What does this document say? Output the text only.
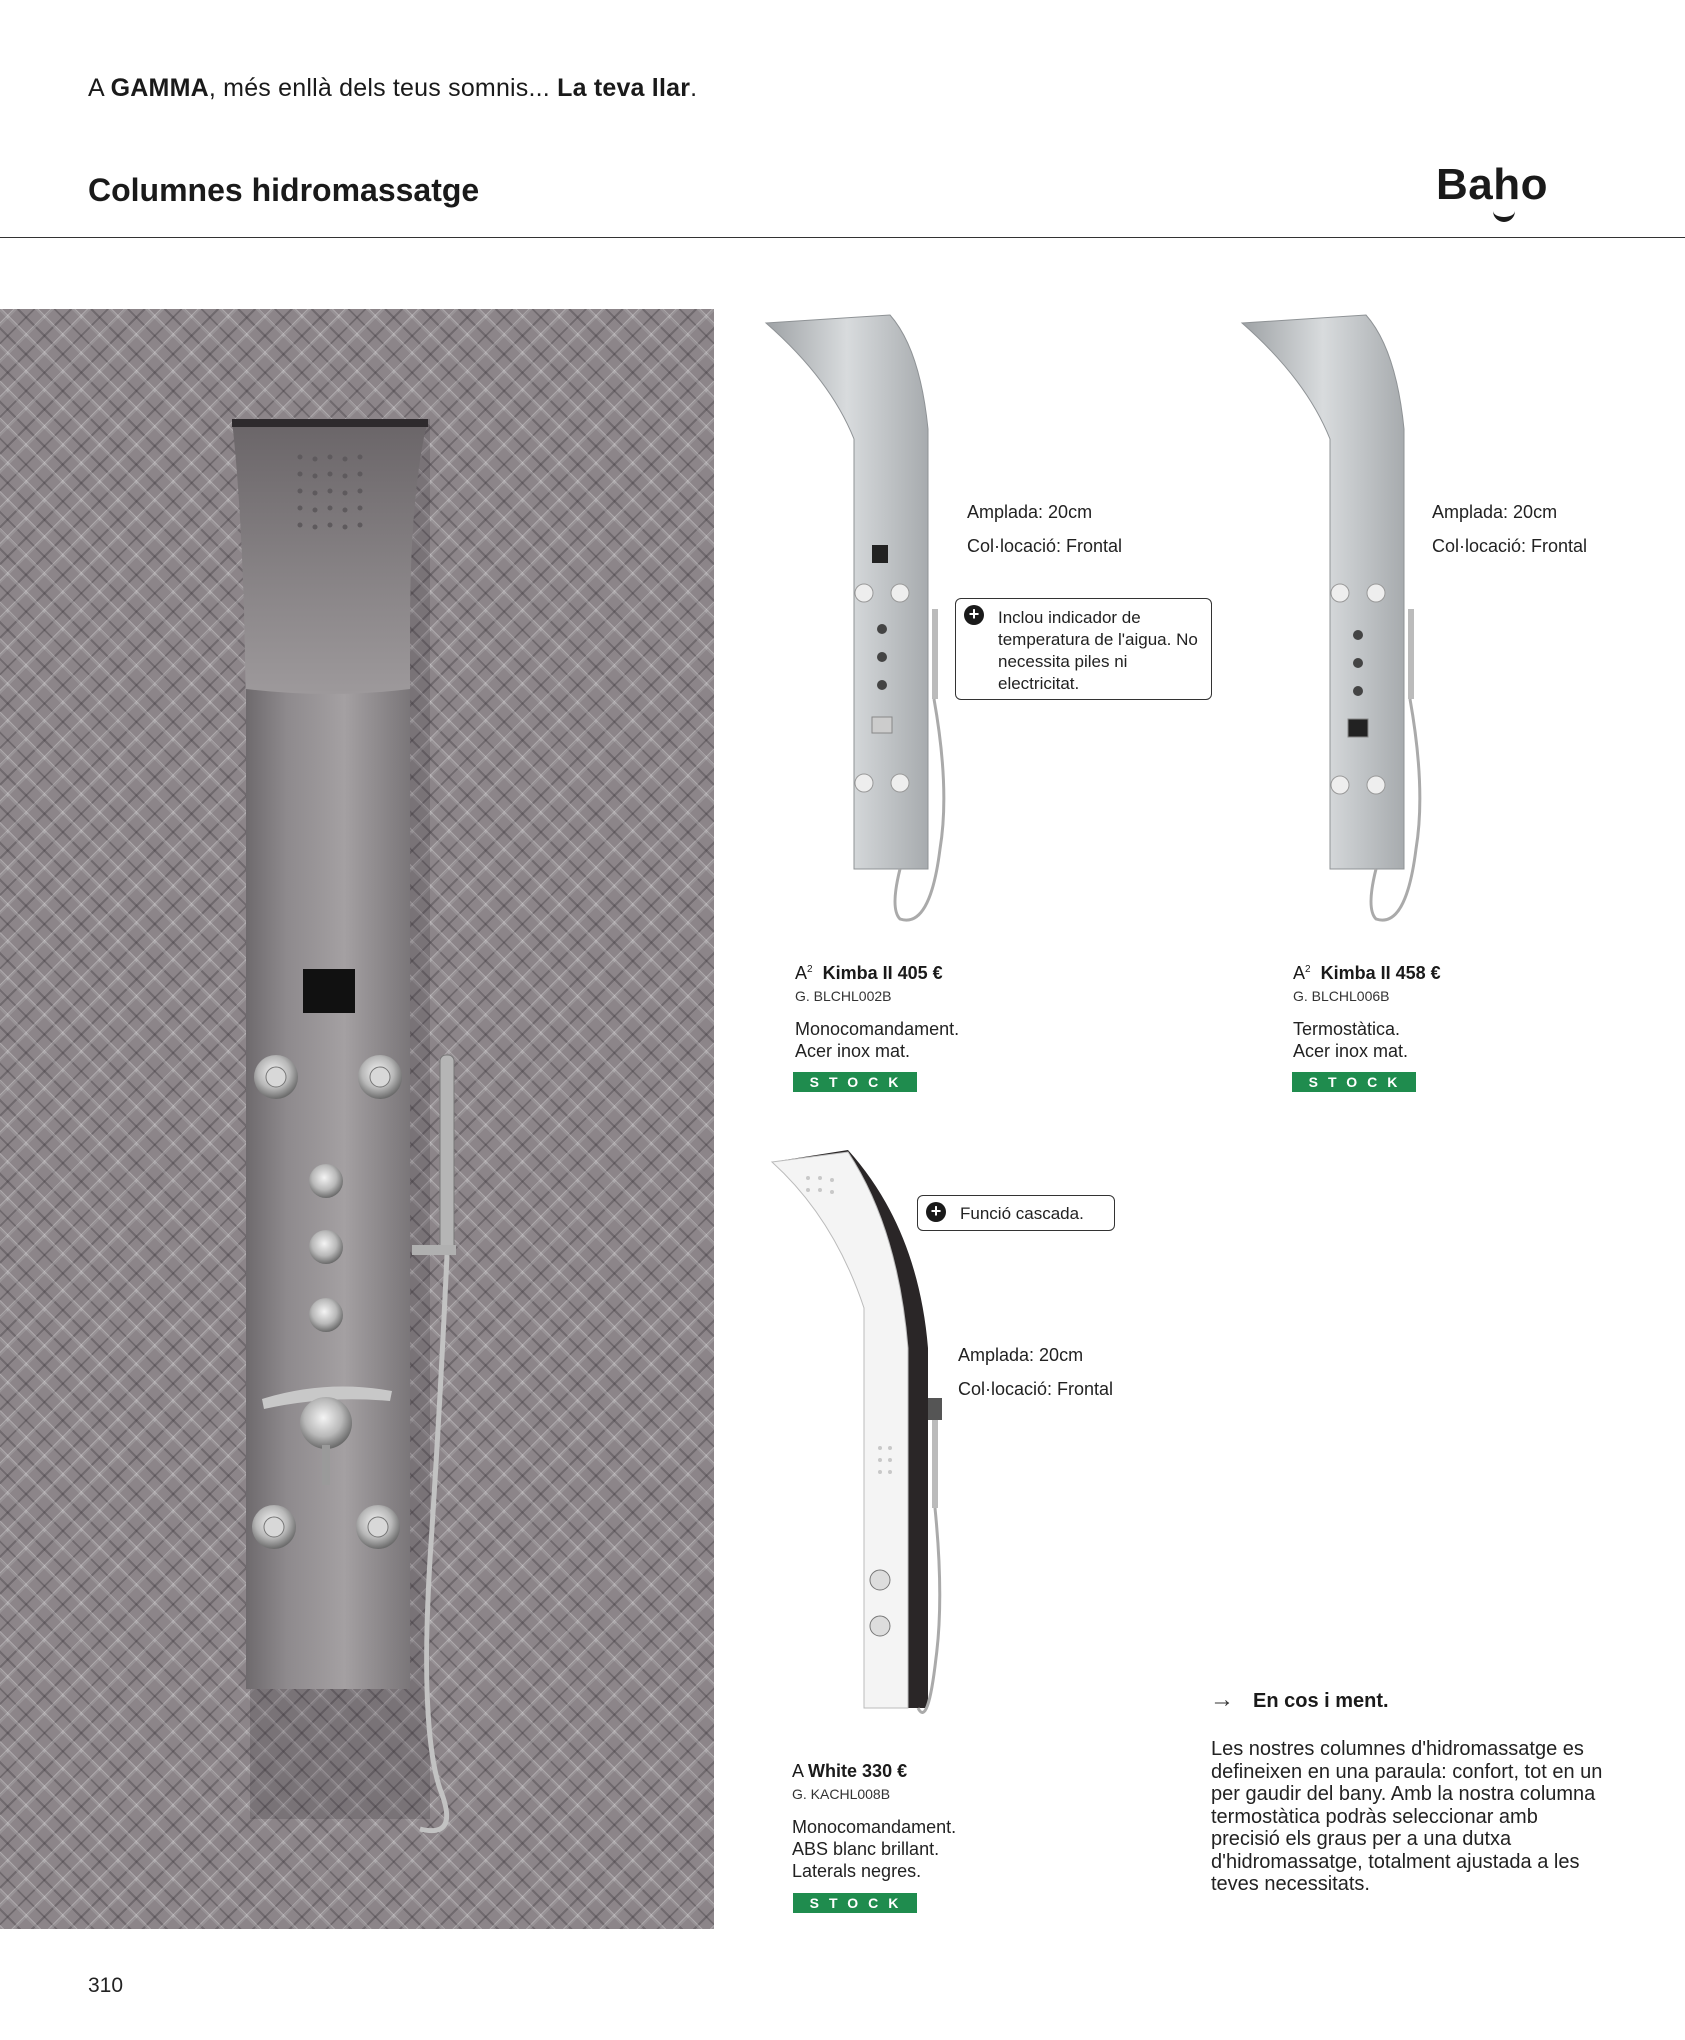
A GAMMA, més enllà dels teus somnis... La teva llar.
Columnes hidromassatge	Baho
Amplada: 20cm
Col·locació: Frontal
+ Inclou indicador de temperatura de l'aigua. No necessita piles ni electricitat.
$A^2$ Kimba II 405 €
G. BLCHL002B
Monocomandament.
Acer inox mat.
STOCK
Amplada: 20cm
Col·locació: Frontal
$A^2$ Kimba II 458 €
G. BLCHL006B
Termostàtica.
Acer inox mat.
STOCK
+ Funció cascada.
Amplada: 20cm
Col·locació: Frontal
A White 330 €
G. KACHL008B
Monocomandament.
ABS blanc brillant.
Laterals negres.
STOCK
→ En cos i ment.
Les nostres columnes d'hidromassatge es defineixen en una paraula: confort, tot en un per gaudir del bany. Amb la nostra columna termostàtica podràs seleccionar amb precisió els graus per a una dutxa d'hidromassatge, totalment ajustada a les teves necessitats.
310
